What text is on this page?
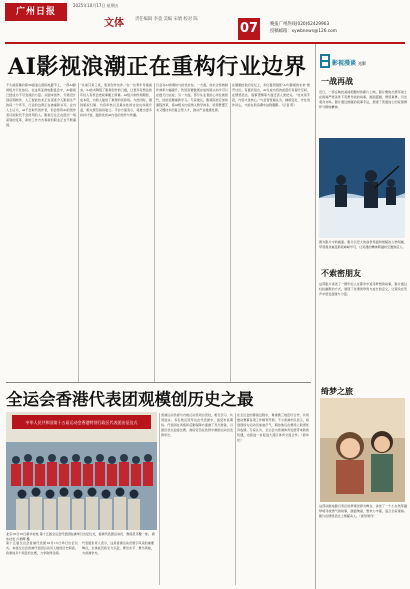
广州日报
2025年10月17日 星期五
文体	责任编辑 李童 美编 宋婧 校对 陈
07	晚报广州热线(020)62429963
投稿邮箱：xywbnews@126.com
AI影视浪潮正在重构行业边界
不久前落幕的第30届釜山国际电影节上，一部AI影视短片引发热议。在这场亚洲电影盛会中，AI影视已经成为不可忽视的力量。从剧本创作、分镜设计到后期制作，人工智能技术正在深度介入影视生产的每一个环节，行业的边界正在被重新书写。业内人士认为，AI不会取代创作者，但会使用AI的创作者可能取代不会使用的人。影视行业正在经历一场深刻的变革，新的工作方式和新的职业正在不断涌现。
“从前只是工具，更是创作伙伴。”在一位青年导演看来，AI技术降低了影视创作的门槛，让更多有想法的年轻人有机会把故事搬上屏幕。AI短片制作周期短、成本低，为新人提供了难得的试验场。与此同时，围绕版权归属、内容审核以及真实性的讨论也持续升温，相关规范亟待建立。平台方面表示，将推出更多扶持计划，鼓励优质AI内容的创作与传播。
行业对AI的期待与担忧并存。一方面，技术让特效制作效率大幅提升，传统需要数周完成的镜头如今可以在数天内完成；另一方面，部分从业者担心岗位被替代，技能需要重新学习。专家建议，影视院校应加快课程改革，将AI相关内容纳入教学体系，培养既懂艺术又懂技术的复合型人才，推动产业健康发展。
在刚刚结束的论坛上，多位嘉宾围绕“AI与影视的未来”展开讨论。有嘉宾指出，AI生成内容的质量仍有提升空间，在情感表达、叙事逻辑等方面还需人类把关。“技术是手段，内容才是核心。”与会者普遍认为，拥抱变化、守住创作初心，才能在新浪潮中站稳脚跟。（记者 陈）
全运会香港代表团观模创历史之最
中华人民共和国第十五届运动会香港特别行政区代表团出征仪式
北京10月15日新华社电 第十五届全运会代表团在港举行出征仪式，香港代表团运动员、教练员齐聚一堂。 新华社发 卢炳辉 摄
第十五届全运会香港代表团10月15日举行出征仪式。本届全运会香港代表团运动员人数创历史新高，将参加多个项目的比赛，力争取得佳绩。
代表团负责人表示，这是香港运动员展示风采的重要舞台，全体成员将全力以赴，赛出水平、赛出风格，为香港争光。
香港运动员将与内地运动员同台竞技，相互学习、共同进步。多名奥运冠军也在代表团中，备受市民期待。代表团在训练和后勤保障方面做了充分准备，以最佳状态迎接比赛。港府官员在致辞中勉励运动员发挥所长。
在全运会的筹备过程中，粤港澳三地密切合作，共同推动赛事各项工作顺利开展。不少香港市民表示，将到现场为运动员加油打气，期待他们在赛场上取得优异成绩。专家认为，全运会为香港体育发展带来新的机遇，也将进一步促进大湾区体育交流合作。（新华社）
影视漫谈 光影
一战再战
近日，一部反映抗美援朝题材的影片上映，影片聚焦志愿军战士在极端严寒条件下英勇作战的故事，画面震撼，情感真挚，引发观众共鸣。影片通过细腻的叙事手法，展现了普通战士的家国情怀与牺牲精神。
图为影片中的画面。影片以宏大的战争场面和细腻的人物刻画，带领观众重温那段峥嵘岁月，让英雄的精神跨越时空激励后人。
不索密朋友
这部影片讲述了一群年轻人在都市中追寻梦想的故事，影片通过轻松幽默的方式，展现了友情的珍贵与成长的意义，让观众在笑声中感受温暖与力量。
绮梦之旅
这部动画电影以奇幻的梦境世界为舞台，讲述了一个小女孩穿越梦境寻找勇气的故事，画面绚丽，想象力丰富，适合全家观看。影片在情感表达上细腻动人。（视觉周刊）
